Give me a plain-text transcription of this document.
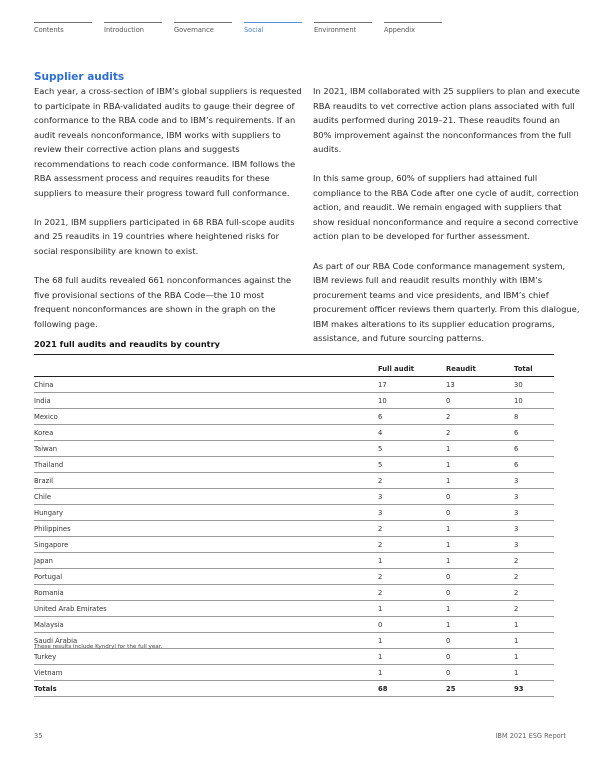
Contents	Introduction	Governance	Social	Environment	Appendix
Supplier audits

Each year, a cross-section of IBM’s global suppliers is requested to participate in RBA-validated audits to gauge their degree of conformance to the RBA code and to IBM’s requirements. If an audit reveals nonconformance, IBM works with suppliers to review their corrective action plans and suggests recommendations to reach code conformance. IBM follows the RBA assessment process and requires reaudits for these suppliers to measure their progress toward full conformance.

In 2021, IBM suppliers participated in 68 RBA full-scope audits and 25 reaudits in 19 countries where heightened risks for social responsibility are known to exist.

The 68 full audits revealed 661 nonconformances against the five provisional sections of the RBA Code—the 10 most frequent nonconformances are shown in the graph on the following page.

In 2021, IBM collaborated with 25 suppliers to plan and execute RBA reaudits to vet corrective action plans associated with full audits performed during 2019–21. These reaudits found an 80% improvement against the nonconformances from the full audits.

In this same group, 60% of suppliers had attained full compliance to the RBA Code after one cycle of audit, correction action, and reaudit. We remain engaged with suppliers that show residual nonconformance and require a second corrective action plan to be developed for further assessment.

As part of our RBA Code conformance management system, IBM reviews full and reaudit results monthly with IBM’s procurement teams and vice presidents, and IBM’s chief procurement officer reviews them quarterly. From this dialogue, IBM makes alterations to its supplier education programs, assistance, and future sourcing patterns.

2021 full audits and reaudits by country
	Full audit	Reaudit	Total
China	17	13	30
India	10	0	10
Mexico	6	2	8
Korea	4	2	6
Taiwan	5	1	6
Thailand	5	1	6
Brazil	2	1	3
Chile	3	0	3
Hungary	3	0	3
Philippines	2	1	3
Singapore	2	1	3
Japan	1	1	2
Portugal	2	0	2
Romania	2	0	2
United Arab Emirates	1	1	2
Malaysia	0	1	1
Saudi Arabia	1	0	1
Turkey	1	0	1
Vietnam	1	0	1
Totals	68	25	93
These results include Kyndryl for the full year.
35	IBM 2021 ESG Report
